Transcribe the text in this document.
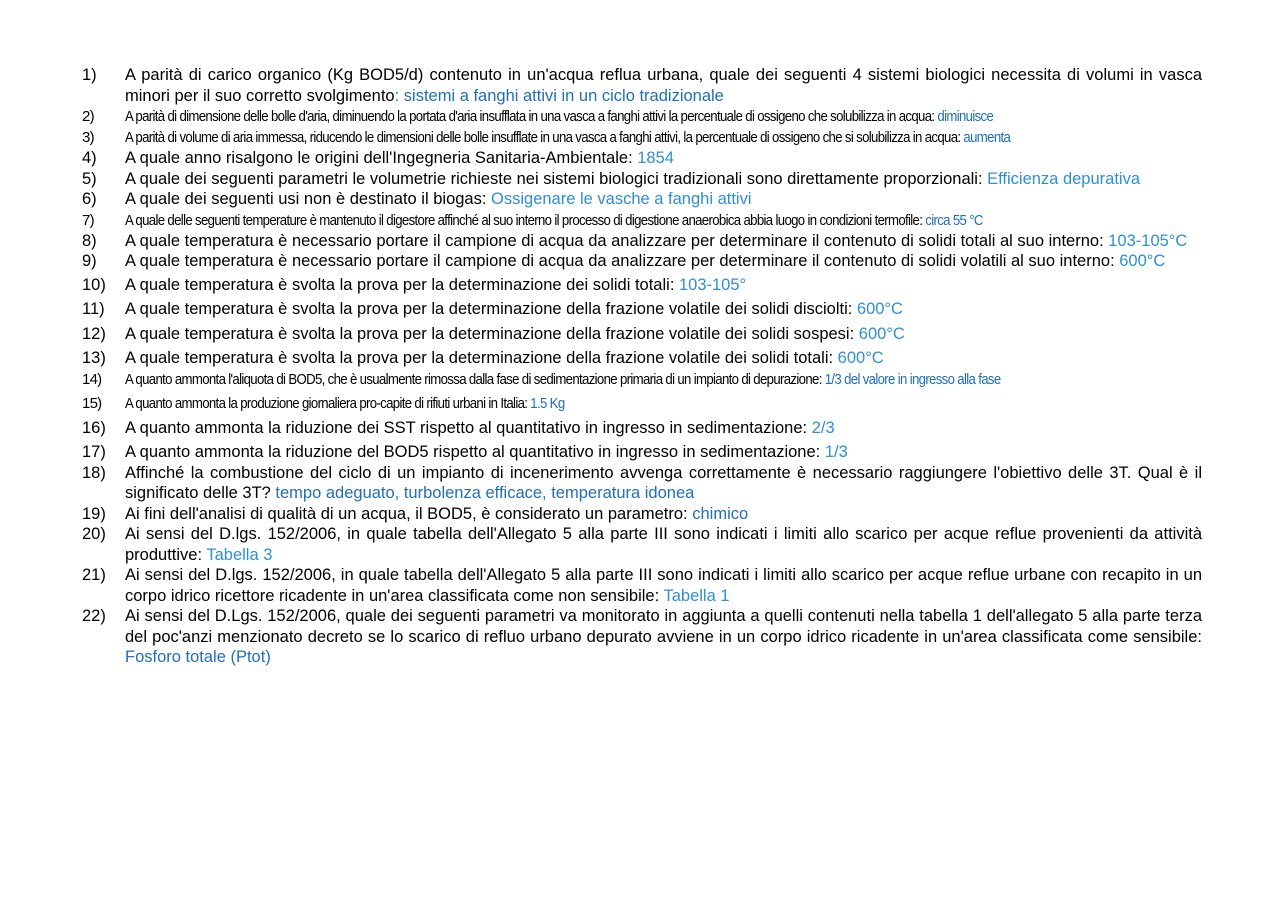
1)	A parità di carico organico (Kg BOD5/d) contenuto in un'acqua reflua urbana, quale dei seguenti 4 sistemi biologici necessita di volumi in vasca minori per il suo corretto svolgimento: sistemi a fanghi attivi in un ciclo tradizionale
2)	A parità di dimensione delle bolle d'aria, diminuendo la portata d'aria insufflata in una vasca a fanghi attivi la percentuale di ossigeno che solubilizza in acqua: diminuisce
3)	A parità di volume di aria immessa, riducendo le dimensioni delle bolle insufflate in una vasca a fanghi attivi, la percentuale di ossigeno che si solubilizza in acqua: aumenta
4)	A quale anno risalgono le origini dell'Ingegneria Sanitaria-Ambientale: 1854
5)	A quale dei seguenti parametri le volumetrie richieste nei sistemi biologici tradizionali sono direttamente proporzionali: Efficienza depurativa
6)	A quale dei seguenti usi non è destinato il biogas: Ossigenare le vasche a fanghi attivi
7)	A quale delle seguenti temperature è mantenuto il digestore affinché al suo interno il processo di digestione anaerobica abbia luogo in condizioni termofile: circa 55 °C
8)	A quale temperatura è necessario portare il campione di acqua da analizzare per determinare il contenuto di solidi totali al suo interno: 103-105°C
9)	A quale temperatura è necessario portare il campione di acqua da analizzare per determinare il contenuto di solidi volatili al suo interno: 600°C
10)	A quale temperatura è svolta la prova per la determinazione dei solidi totali: 103-105°
11)	A quale temperatura è svolta la prova per la determinazione della frazione volatile dei solidi disciolti: 600°C
12)	A quale temperatura è svolta la prova per la determinazione della frazione volatile dei solidi sospesi: 600°C
13)	A quale temperatura è svolta la prova per la determinazione della frazione volatile dei solidi totali: 600°C
14)	A quanto ammonta l'aliquota di BOD5, che è usualmente rimossa dalla fase di sedimentazione primaria di un impianto di depurazione: 1/3 del valore in ingresso alla fase
15)	A quanto ammonta la produzione giornaliera pro-capite di rifiuti urbani in Italia: 1.5 Kg
16)	A quanto ammonta la riduzione dei SST rispetto al quantitativo in ingresso in sedimentazione: 2/3
17)	A quanto ammonta la riduzione del BOD5 rispetto al quantitativo in ingresso in sedimentazione: 1/3
18)	Affinché la combustione del ciclo di un impianto di incenerimento avvenga correttamente è necessario raggiungere l'obiettivo delle 3T. Qual è il significato delle 3T? tempo adeguato, turbolenza efficace, temperatura idonea
19)	Ai fini dell'analisi di qualità di un acqua, il BOD5, è considerato un parametro: chimico
20)	Ai sensi del D.lgs. 152/2006, in quale tabella dell'Allegato 5 alla parte III sono indicati i limiti allo scarico per acque reflue provenienti da attività produttive: Tabella 3
21)	Ai sensi del D.lgs. 152/2006, in quale tabella dell'Allegato 5 alla parte III sono indicati i limiti allo scarico per acque reflue urbane con recapito in un corpo idrico ricettore ricadente in un'area classificata come non sensibile: Tabella 1
22)	Ai sensi del D.Lgs. 152/2006, quale dei seguenti parametri va monitorato in aggiunta a quelli contenuti nella tabella 1 dell'allegato 5 alla parte terza del poc'anzi menzionato decreto se lo scarico di refluo urbano depurato avviene in un corpo idrico ricadente in un'area classificata come sensibile: Fosforo totale (Ptot)
